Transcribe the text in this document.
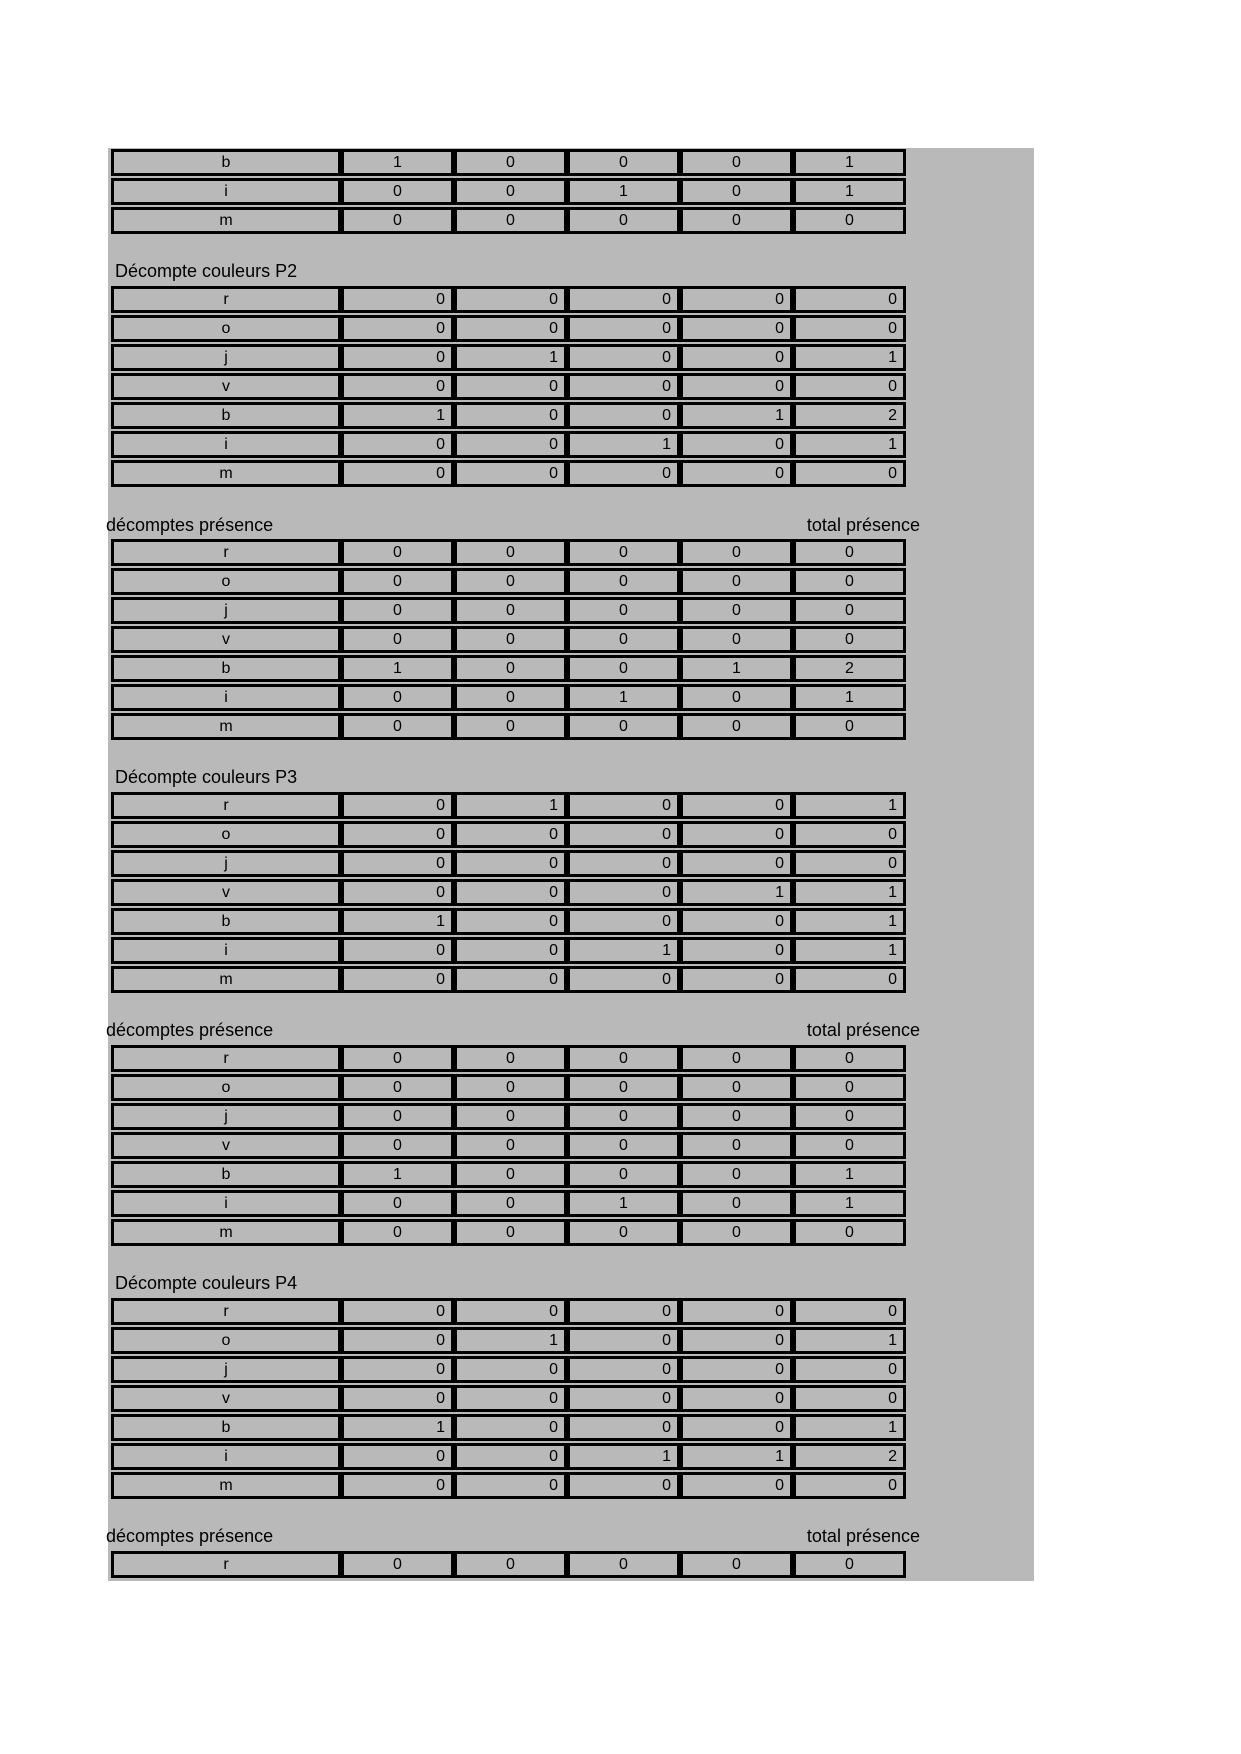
b	1	0	0	0	1
i	0	0	1	0	1
m	0	0	0	0	0
Décompte couleurs P2
r	0	0	0	0	0
o	0	0	0	0	0
j	0	1	0	0	1
v	0	0	0	0	0
b	1	0	0	1	2
i	0	0	1	0	1
m	0	0	0	0	0
décomptes présence	total présence
r	0	0	0	0	0
o	0	0	0	0	0
j	0	0	0	0	0
v	0	0	0	0	0
b	1	0	0	1	2
i	0	0	1	0	1
m	0	0	0	0	0
Décompte couleurs P3
r	0	1	0	0	1
o	0	0	0	0	0
j	0	0	0	0	0
v	0	0	0	1	1
b	1	0	0	0	1
i	0	0	1	0	1
m	0	0	0	0	0
décomptes présence	total présence
r	0	0	0	0	0
o	0	0	0	0	0
j	0	0	0	0	0
v	0	0	0	0	0
b	1	0	0	0	1
i	0	0	1	0	1
m	0	0	0	0	0
Décompte couleurs P4
r	0	0	0	0	0
o	0	1	0	0	1
j	0	0	0	0	0
v	0	0	0	0	0
b	1	0	0	0	1
i	0	0	1	1	2
m	0	0	0	0	0
décomptes présence	total présence
r	0	0	0	0	0
